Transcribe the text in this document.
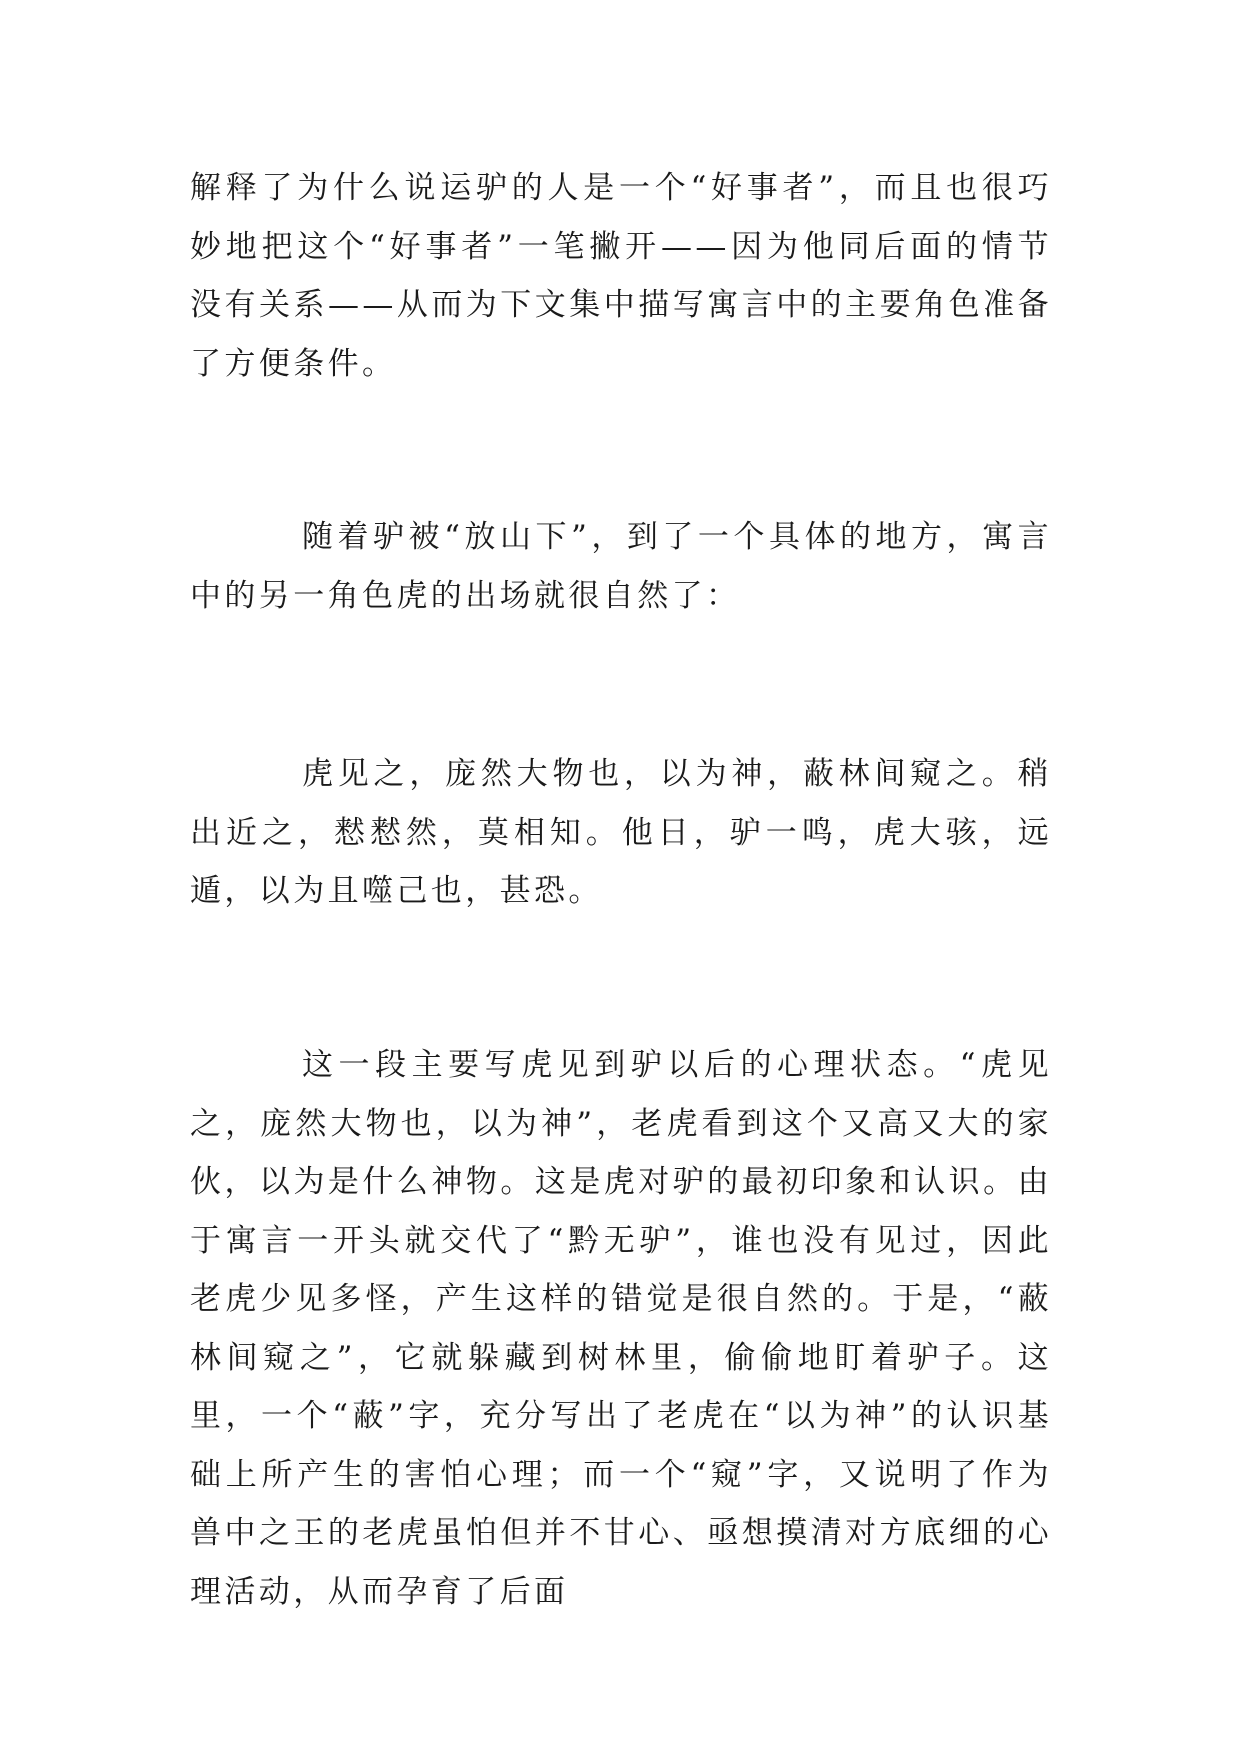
解释了为什么说运驴的人是一个“好事者”，而且也很巧妙地把这个“好事者”一笔撇开——因为他同后面的情节没有关系——从而为下文集中描写寓言中的主要角色准备了方便条件。

随着驴被“放山下”，到了一个具体的地方，寓言中的另一角色虎的出场就很自然了：

虎见之，庞然大物也，以为神，蔽林间窥之。稍出近之，慭慭然，莫相知。他日，驴一鸣，虎大骇，远遁，以为且噬己也，甚恐。

这一段主要写虎见到驴以后的心理状态。“虎见之，庞然大物也，以为神”，老虎看到这个又高又大的家伙，以为是什么神物。这是虎对驴的最初印象和认识。由于寓言一开头就交代了“黔无驴”，谁也没有见过，因此老虎少见多怪，产生这样的错觉是很自然的。于是，“蔽林间窥之”，它就躲藏到树林里，偷偷地盯着驴子。这里，一个“蔽”字，充分写出了老虎在“以为神”的认识基础上所产生的害怕心理；而一个“窥”字，又说明了作为兽中之王的老虎虽怕但并不甘心、亟想摸清对方底细的心理活动，从而孕育了后面
